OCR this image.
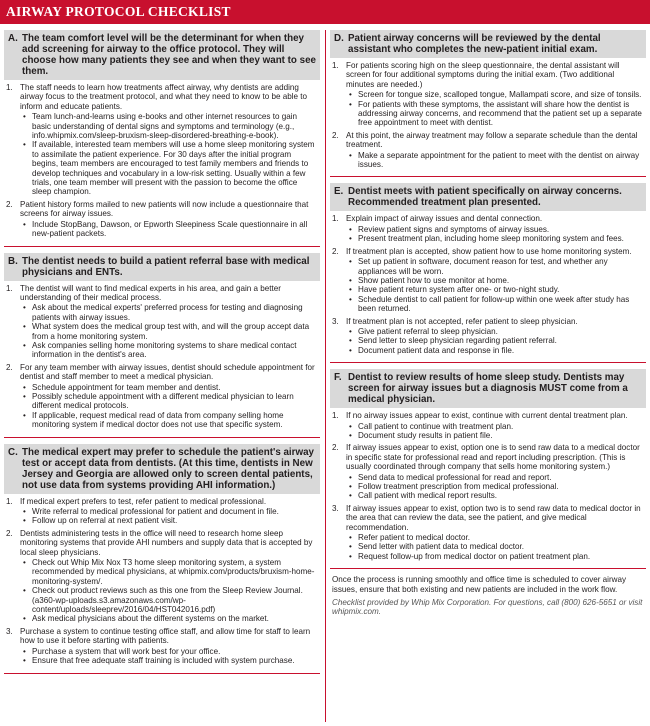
AIRWAY PROTOCOL CHECKLIST
A. The team comfort level will be the determinant for when they add screening for airway to the office protocol. They will choose how many patients they see and when they want to see them.
1. The staff needs to learn how treatments affect airway, why dentists are adding airway focus to the treatment protocol, and what they need to know to be able to inform and educate patients.
• Team lunch-and-learns using e-books and other internet resources to gain basic understanding of dental signs and symptoms and terminology (e.g., info.whipmix.com/sleep-bruxism-sleep-disordered-breathing-e-book).
• If available, interested team members will use a home sleep monitoring system to assimilate the patient experience. For 30 days after the initial program begins, team members are encouraged to test family members and friends to develop techniques and vocabulary in a low-risk setting. Usually within a few trials, one team member will present with the passion to become the office sleep champion.
2. Patient history forms mailed to new patients will now include a questionnaire that screens for airway issues.
• Include StopBang, Dawson, or Epworth Sleepiness Scale questionnaire in all new-patient packets.
B. The dentist needs to build a patient referral base with medical physicians and ENTs.
1. The dentist will want to find medical experts in his area, and gain a better understanding of their medical process.
• Ask about the medical experts' preferred process for testing and diagnosing patients with airway issues.
• What system does the medical group test with, and will the group accept data from a home monitoring system.
• Ask companies selling home monitoring systems to share medical contact information in the dentist's area.
2. For any team member with airway issues, dentist should schedule appointment for dentist and staff member to meet a medical physician.
• Schedule appointment for team member and dentist.
• Possibly schedule appointment with a different medical physician to learn different medical protocols.
• If applicable, request medical read of data from company selling home monitoring system if medical doctor does not use that specific system.
C. The medical expert may prefer to schedule the patient's airway test or accept data from dentists. (At this time, dentists in New Jersey and Georgia are allowed only to screen dental patients, not use data from systems providing AHI information.)
1. If medical expert prefers to test, refer patient to medical professional.
• Write referral to medical professional for patient and document in file.
• Follow up on referral at next patient visit.
2. Dentists administering tests in the office will need to research home sleep monitoring systems that provide AHI numbers and supply data that is accepted by local sleep physicians.
• Check out Whip Mix Nox T3 home sleep monitoring system, a system recommended by medical physicians, at whipmix.com/products/bruxism-home-monitoring-system/.
• Check out product reviews such as this one from the Sleep Review Journal. (a360-wp-uploads.s3.amazonaws.com/wp-content/uploads/sleeprev/2016/04/HST042016.pdf)
• Ask medical physicians about the different systems on the market.
3. Purchase a system to continue testing office staff, and allow time for staff to learn how to use it before starting with patients.
• Purchase a system that will work best for your office.
• Ensure that free adequate staff training is included with system purchase.
D. Patient airway concerns will be reviewed by the dental assistant who completes the new-patient initial exam.
1. For patients scoring high on the sleep questionnaire, the dental assistant will screen for four additional symptoms during the initial exam. (Two additional minutes are needed.)
• Screen for tongue size, scalloped tongue, Mallampati score, and size of tonsils.
• For patients with these symptoms, the assistant will share how the dentist is addressing airway concerns, and recommend that the patient set up a separate free appointment to meet with dentist.
2. At this point, the airway treatment may follow a separate schedule than the dental treatment.
• Make a separate appointment for the patient to meet with the dentist on airway issues.
E. Dentist meets with patient specifically on airway concerns. Recommended treatment plan presented.
1. Explain impact of airway issues and dental connection.
• Review patient signs and symptoms of airway issues.
• Present treatment plan, including home sleep monitoring system and fees.
2. If treatment plan is accepted, show patient how to use home monitoring system.
• Set up patient in software, document reason for test, and whether any appliances will be worn.
• Show patient how to use monitor at home.
• Have patient return system after one- or two-night study.
• Schedule dentist to call patient for follow-up within one week after study has been returned.
3. If treatment plan is not accepted, refer patient to sleep physician.
• Give patient referral to sleep physician.
• Send letter to sleep physician regarding patient referral.
• Document patient data and response in file.
F. Dentist to review results of home sleep study. Dentists may screen for airway issues but a diagnosis MUST come from a medical physician.
1. If no airway issues appear to exist, continue with current dental treatment plan.
• Call patient to continue with treatment plan.
• Document study results in patient file.
2. If airway issues appear to exist, option one is to send raw data to a medical doctor in specific state for professional read and report including prescription. (This is usually coordinated through company that sells home monitoring system.)
• Send data to medical professional for read and report.
• Follow treatment prescription from medical professional.
• Call patient with medical report results.
3. If airway issues appear to exist, option two is to send raw data to medical doctor in the area that can review the data, see the patient, and give medical recommendation.
• Refer patient to medical doctor.
• Send letter with patient data to medical doctor.
• Request follow-up from medical doctor on patient treatment plan.
Once the process is running smoothly and office time is scheduled to cover airway issues, ensure that both existing and new patients are included in the work flow.
Checklist provided by Whip Mix Corporation. For questions, call (800) 626-5651 or visit whipmix.com.
